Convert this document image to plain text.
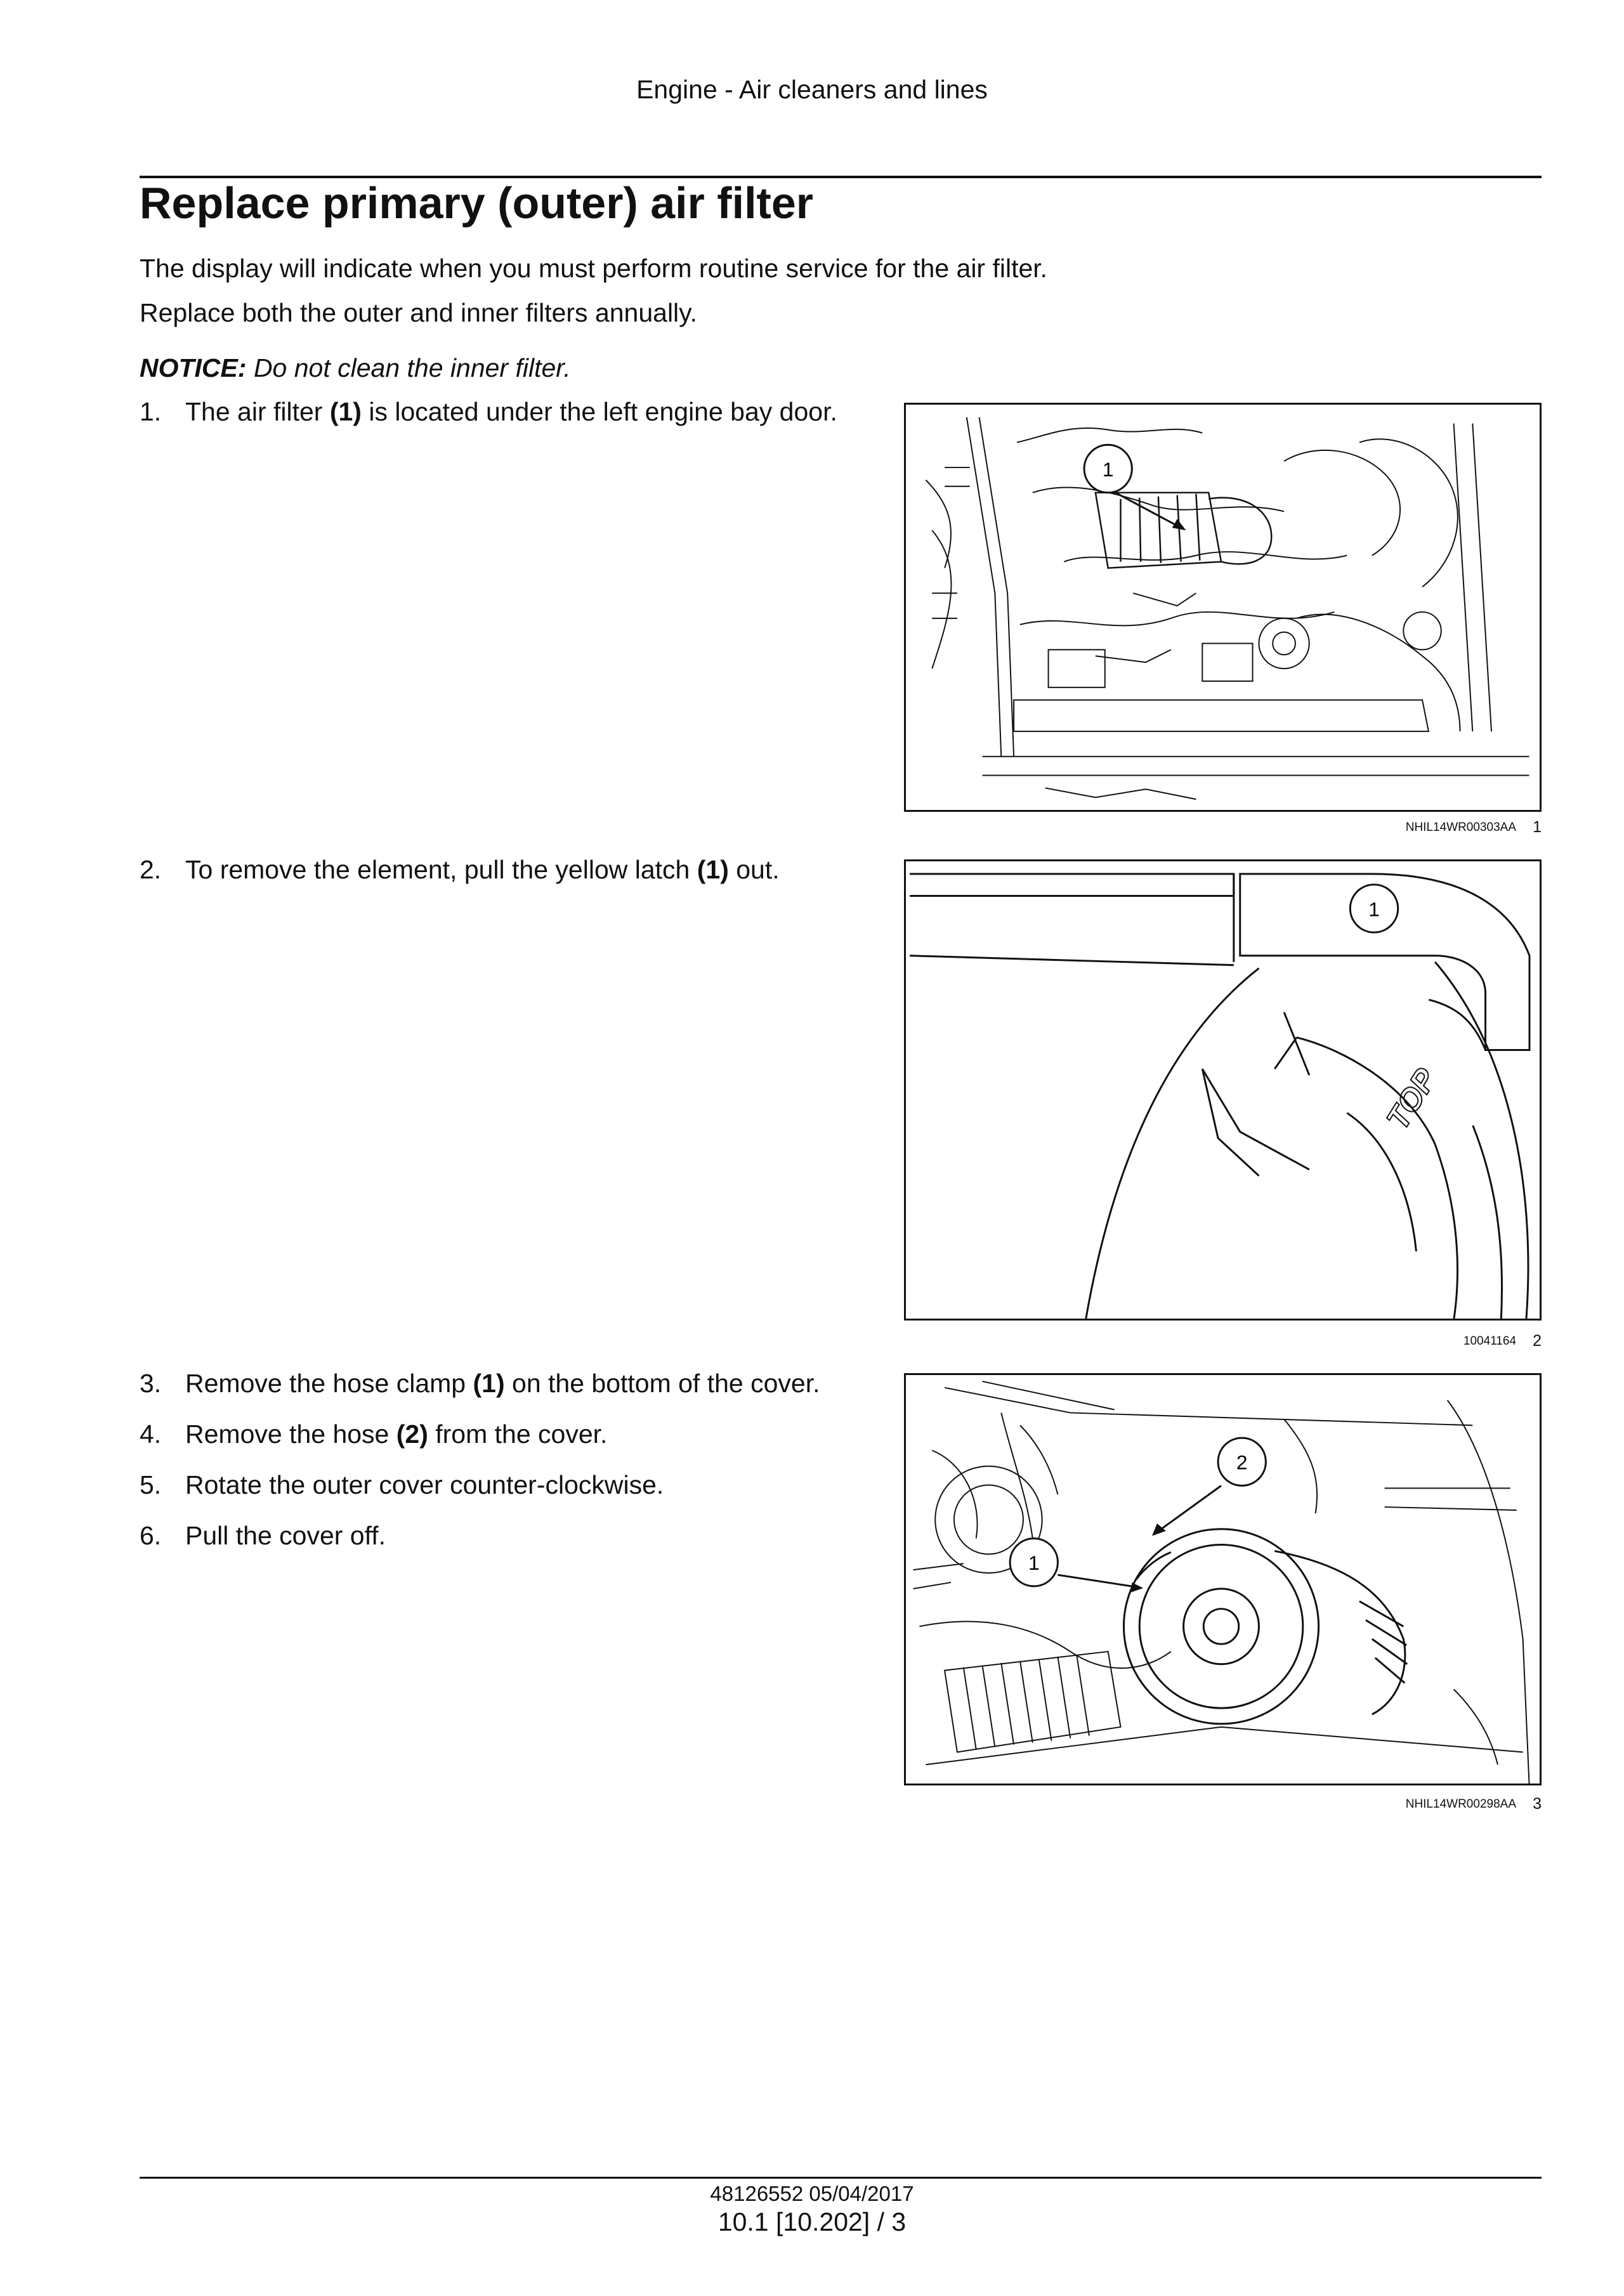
Engine - Air cleaners and lines
Replace primary (outer) air filter
The display will indicate when you must perform routine service for the air filter.
Replace both the outer and inner filters annually.
NOTICE: Do not clean the inner filter.
1. The air filter (1) is located under the left engine bay door.
2. To remove the element, pull the yellow latch (1) out.
3. Remove the hose clamp (1) on the bottom of the cover.
4. Remove the hose (2) from the cover.
5. Rotate the outer cover counter-clockwise.
6. Pull the cover off.
1
NHIL14WR00303AA	1
TOP
1
10041164	2
2
1
NHIL14WR00298AA	3
48126552 05/04/2017
10.1 [10.202] / 3
